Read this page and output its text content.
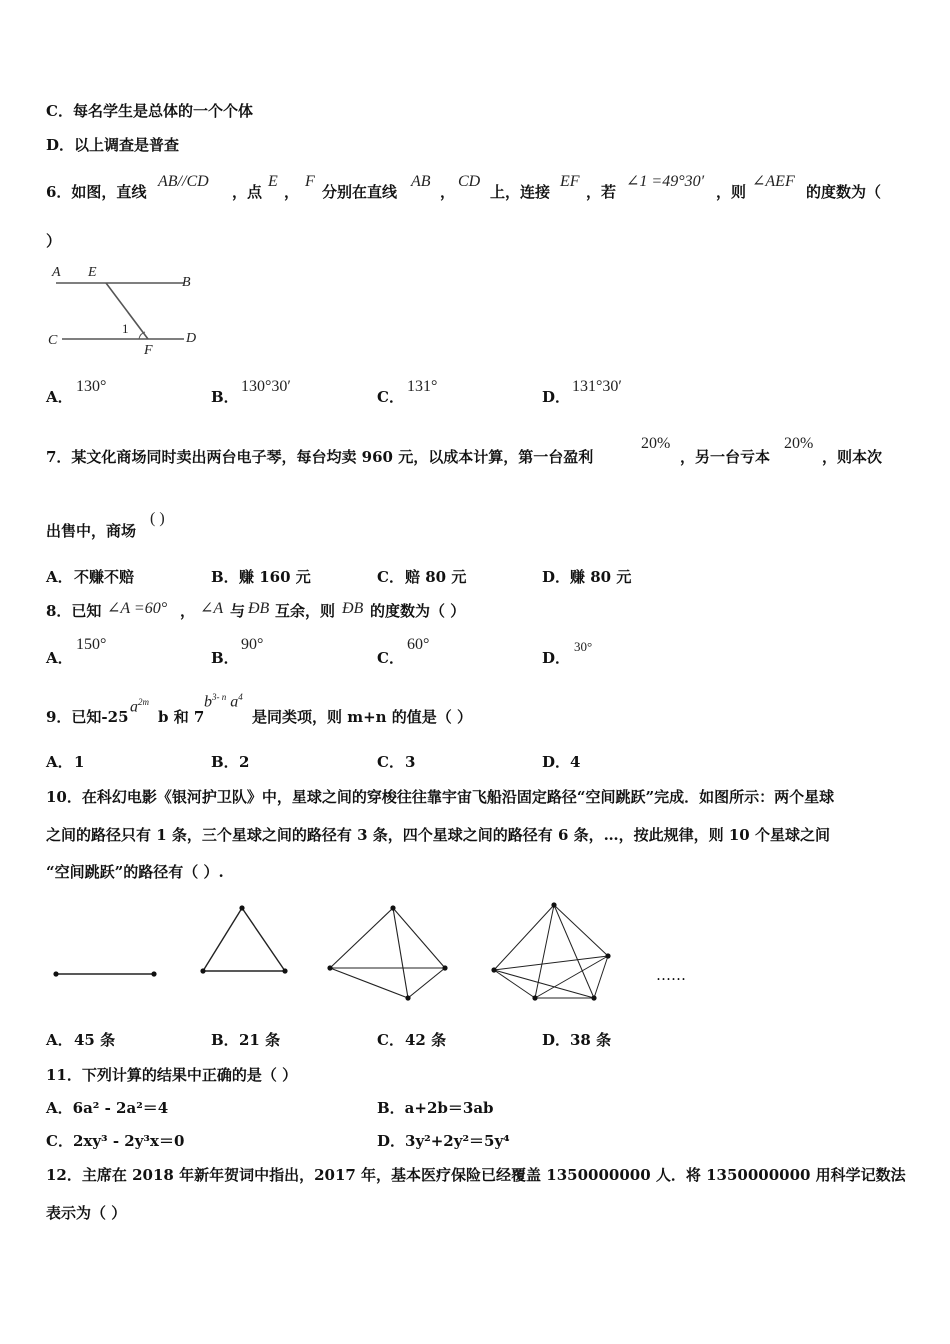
C．每名学生是总体的一个个体
D．以上调查是普查
6．如图，直线
AB//CD
，点
E
，
F
分别在直线
AB
，
CD
上，连接
EF
，若
∠1 =49°30′
，则
∠AEF
的度数为（
）
A E
B
C
1
F
D
A．
130°
B．
130°30′
C．
131°
D．
131°30′
7．某文化商场同时卖出两台电子琴，每台均卖 960 元，以成本计算，第一台盈利
20%
，另一台亏本
20%
，则本次
出售中，商场
( )
A． 不赚不赔	B． 赚 160 元	C． 赔 80 元	D． 赚 80 元
8．已知 ∠A =60° ， ∠A 与 ÐB 互余，则 ÐB 的度数为（ ）
A．
150°
B．
90°
C．
60°
D．
30°
9．已知-25
$a^{2m}$
b 和 7
$b^{3- n}$ $a^4$
是同类项，则 m+n 的值是（ ）
A． 1	B． 2	C． 3	D． 4
10．在科幻电影《银河护卫队》中，星球之间的穿梭往往靠宇宙飞船沿固定路径“空间跳跃”完成．如图所示：两个星球
之间的路径只有 1 条，三个星球之间的路径有 3 条，四个星球之间的路径有 6 条，…，按此规律，则 10 个星球之间
“空间跳跃”的路径有（ ）.
……
A． 45 条	B． 21 条	C． 42 条	D． 38 条
11．下列计算的结果中正确的是（ ）
A．6a² - 2a²＝4	B．a+2b＝3ab
C．2xy³ - 2y³x＝0	D．3y²+2y²＝5y⁴
12．主席在 2018 年新年贺词中指出，2017 年，基本医疗保险已经覆盖 1350000000 人．将 1350000000 用科学记数法
表示为（ ）
